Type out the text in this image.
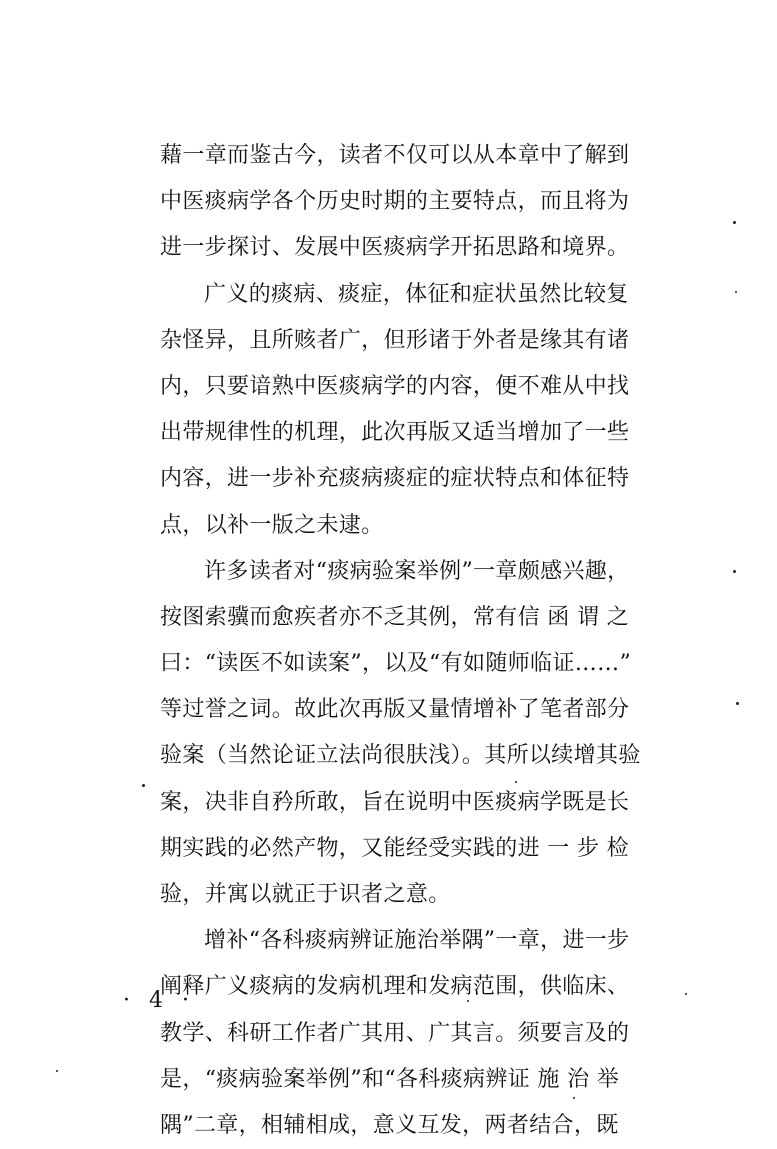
藉一章而鉴古今，读者不仅可以从本章中了解到
中医痰病学各个历史时期的主要特点，而且将为
进一步探讨、发展中医痰病学开拓思路和境界。
广义的痰病、痰症，体征和症状虽然比较复
杂怪异，且所赅者广，但形诸于外者是缘其有诸
内，只要谙熟中医痰病学的内容，便不难从中找
出带规律性的机理，此次再版又适当增加了一些
内容，进一步补充痰病痰症的症状特点和体征特
点，以补一版之未逮。
许多读者对“痰病验案举例”一章颇感兴趣，
按图索骥而愈疾者亦不乏其例，常有信 函 谓 之
曰：“读医不如读案”，以及“有如随师临证……”
等过誉之词。故此次再版又量情增补了笔者部分
验案（当然论证立法尚很肤浅）。其所以续增其验
案，决非自矜所敢，旨在说明中医痰病学既是长
期实践的必然产物，又能经受实践的进 一 步 检
验，并寓以就正于识者之意。
增补“各科痰病辨证施治举隅”一章，进一步
阐释广义痰病的发病机理和发病范围，供临床、
教学、科研工作者广其用、广其言。须要言及的
是，“痰病验案举例”和“各科痰病辨证 施 治 举
隅”二章，相辅相成，意义互发，两者结合，既
· 4 ·
